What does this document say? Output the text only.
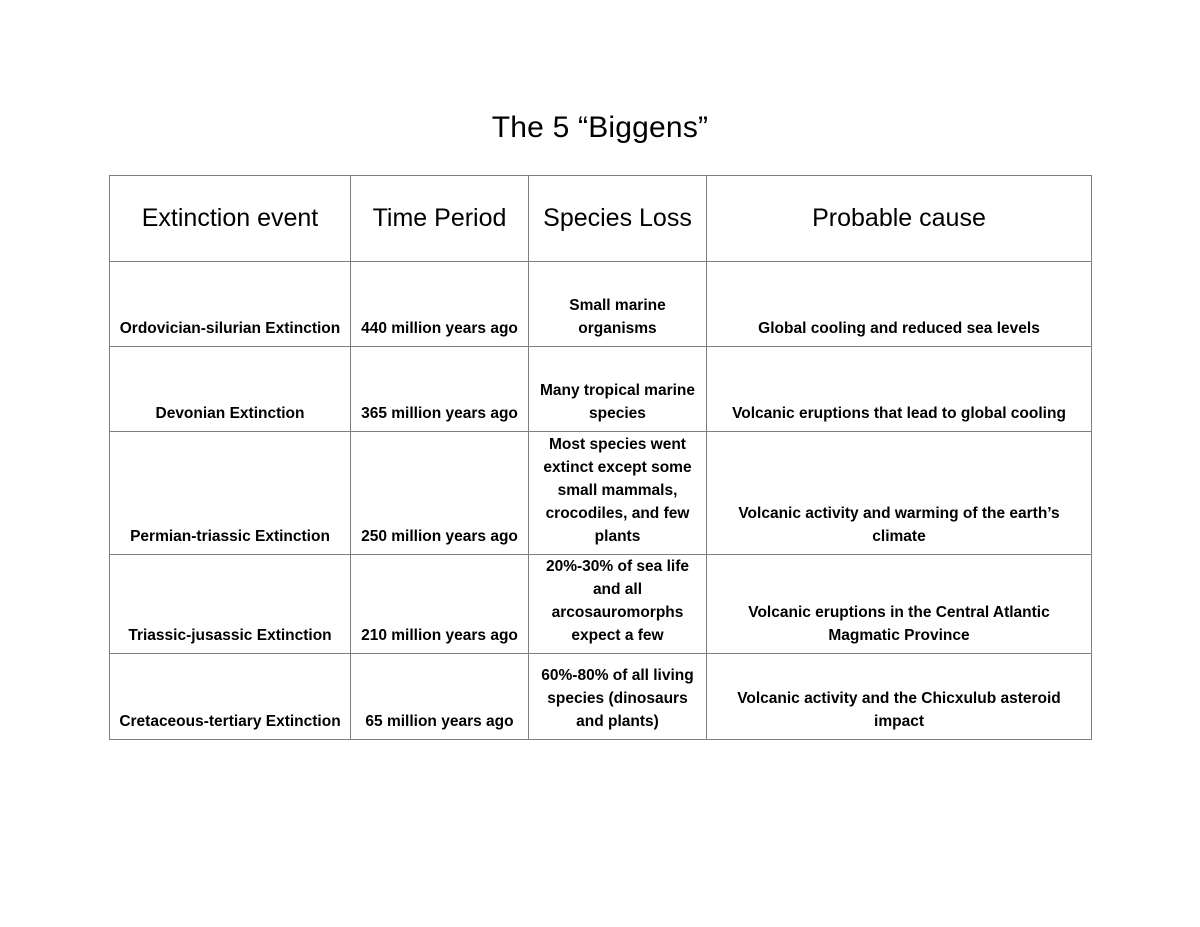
The 5 “Biggens”
Extinction event	Time Period	Species Loss	Probable cause
Ordovician-silurian Extinction	440 million years ago	Small marine organisms	Global cooling and reduced sea levels
Devonian Extinction	365 million years ago	Many tropical marine species	Volcanic eruptions that lead to global cooling
Permian-triassic Extinction	250 million years ago	Most species went extinct except some small mammals, crocodiles, and few plants	Volcanic activity and warming of the earth’s climate
Triassic-jusassic Extinction	210 million years ago	20%-30% of sea life and all arcosauromorphs expect a few	Volcanic eruptions in the Central Atlantic Magmatic Province
Cretaceous-tertiary Extinction	65 million years ago	60%-80% of all living species (dinosaurs and plants)	Volcanic activity and the Chicxulub asteroid impact
